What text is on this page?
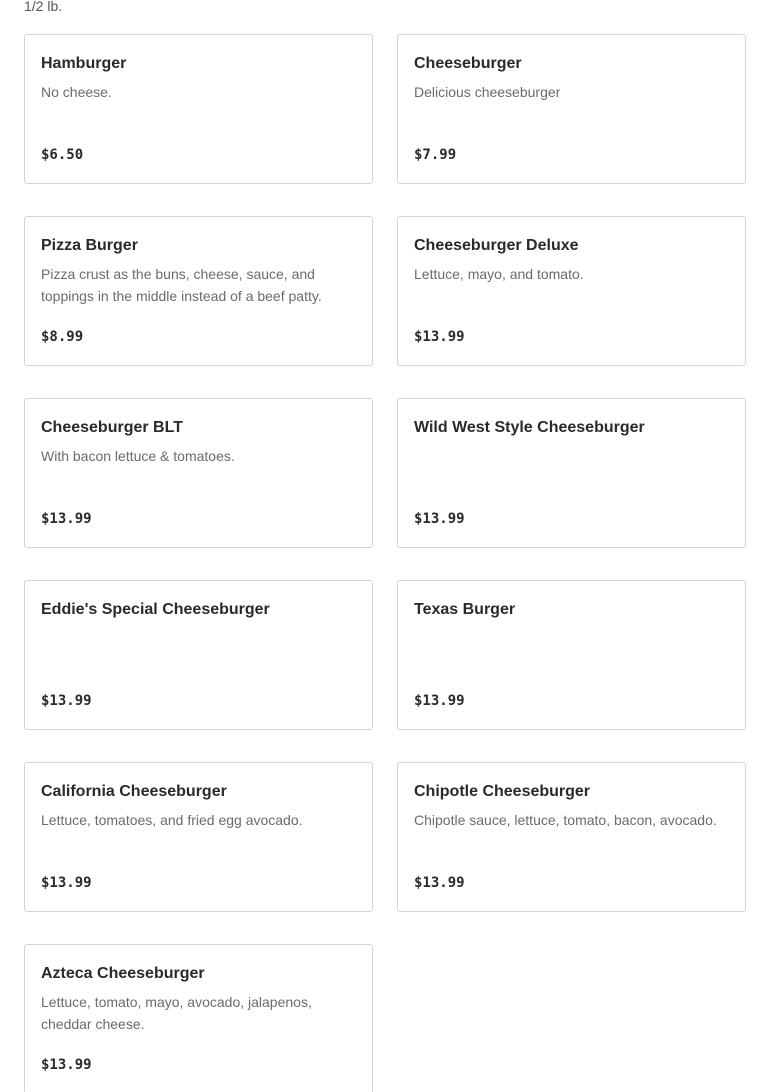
1/2 lb.
Hamburger
No cheese.
$6.50
Cheeseburger
Delicious cheeseburger
$7.99
Pizza Burger
Pizza crust as the buns, cheese, sauce, and toppings in the middle instead of a beef patty.
$8.99
Cheeseburger Deluxe
Lettuce, mayo, and tomato.
$13.99
Cheeseburger BLT
With bacon lettuce & tomatoes.
$13.99
Wild West Style Cheeseburger
$13.99
Eddie's Special Cheeseburger
$13.99
Texas Burger
$13.99
California Cheeseburger
Lettuce, tomatoes, and fried egg avocado.
$13.99
Chipotle Cheeseburger
Chipotle sauce, lettuce, tomato, bacon, avocado.
$13.99
Azteca Cheeseburger
Lettuce, tomato, mayo, avocado, jalapenos, cheddar cheese.
$13.99
